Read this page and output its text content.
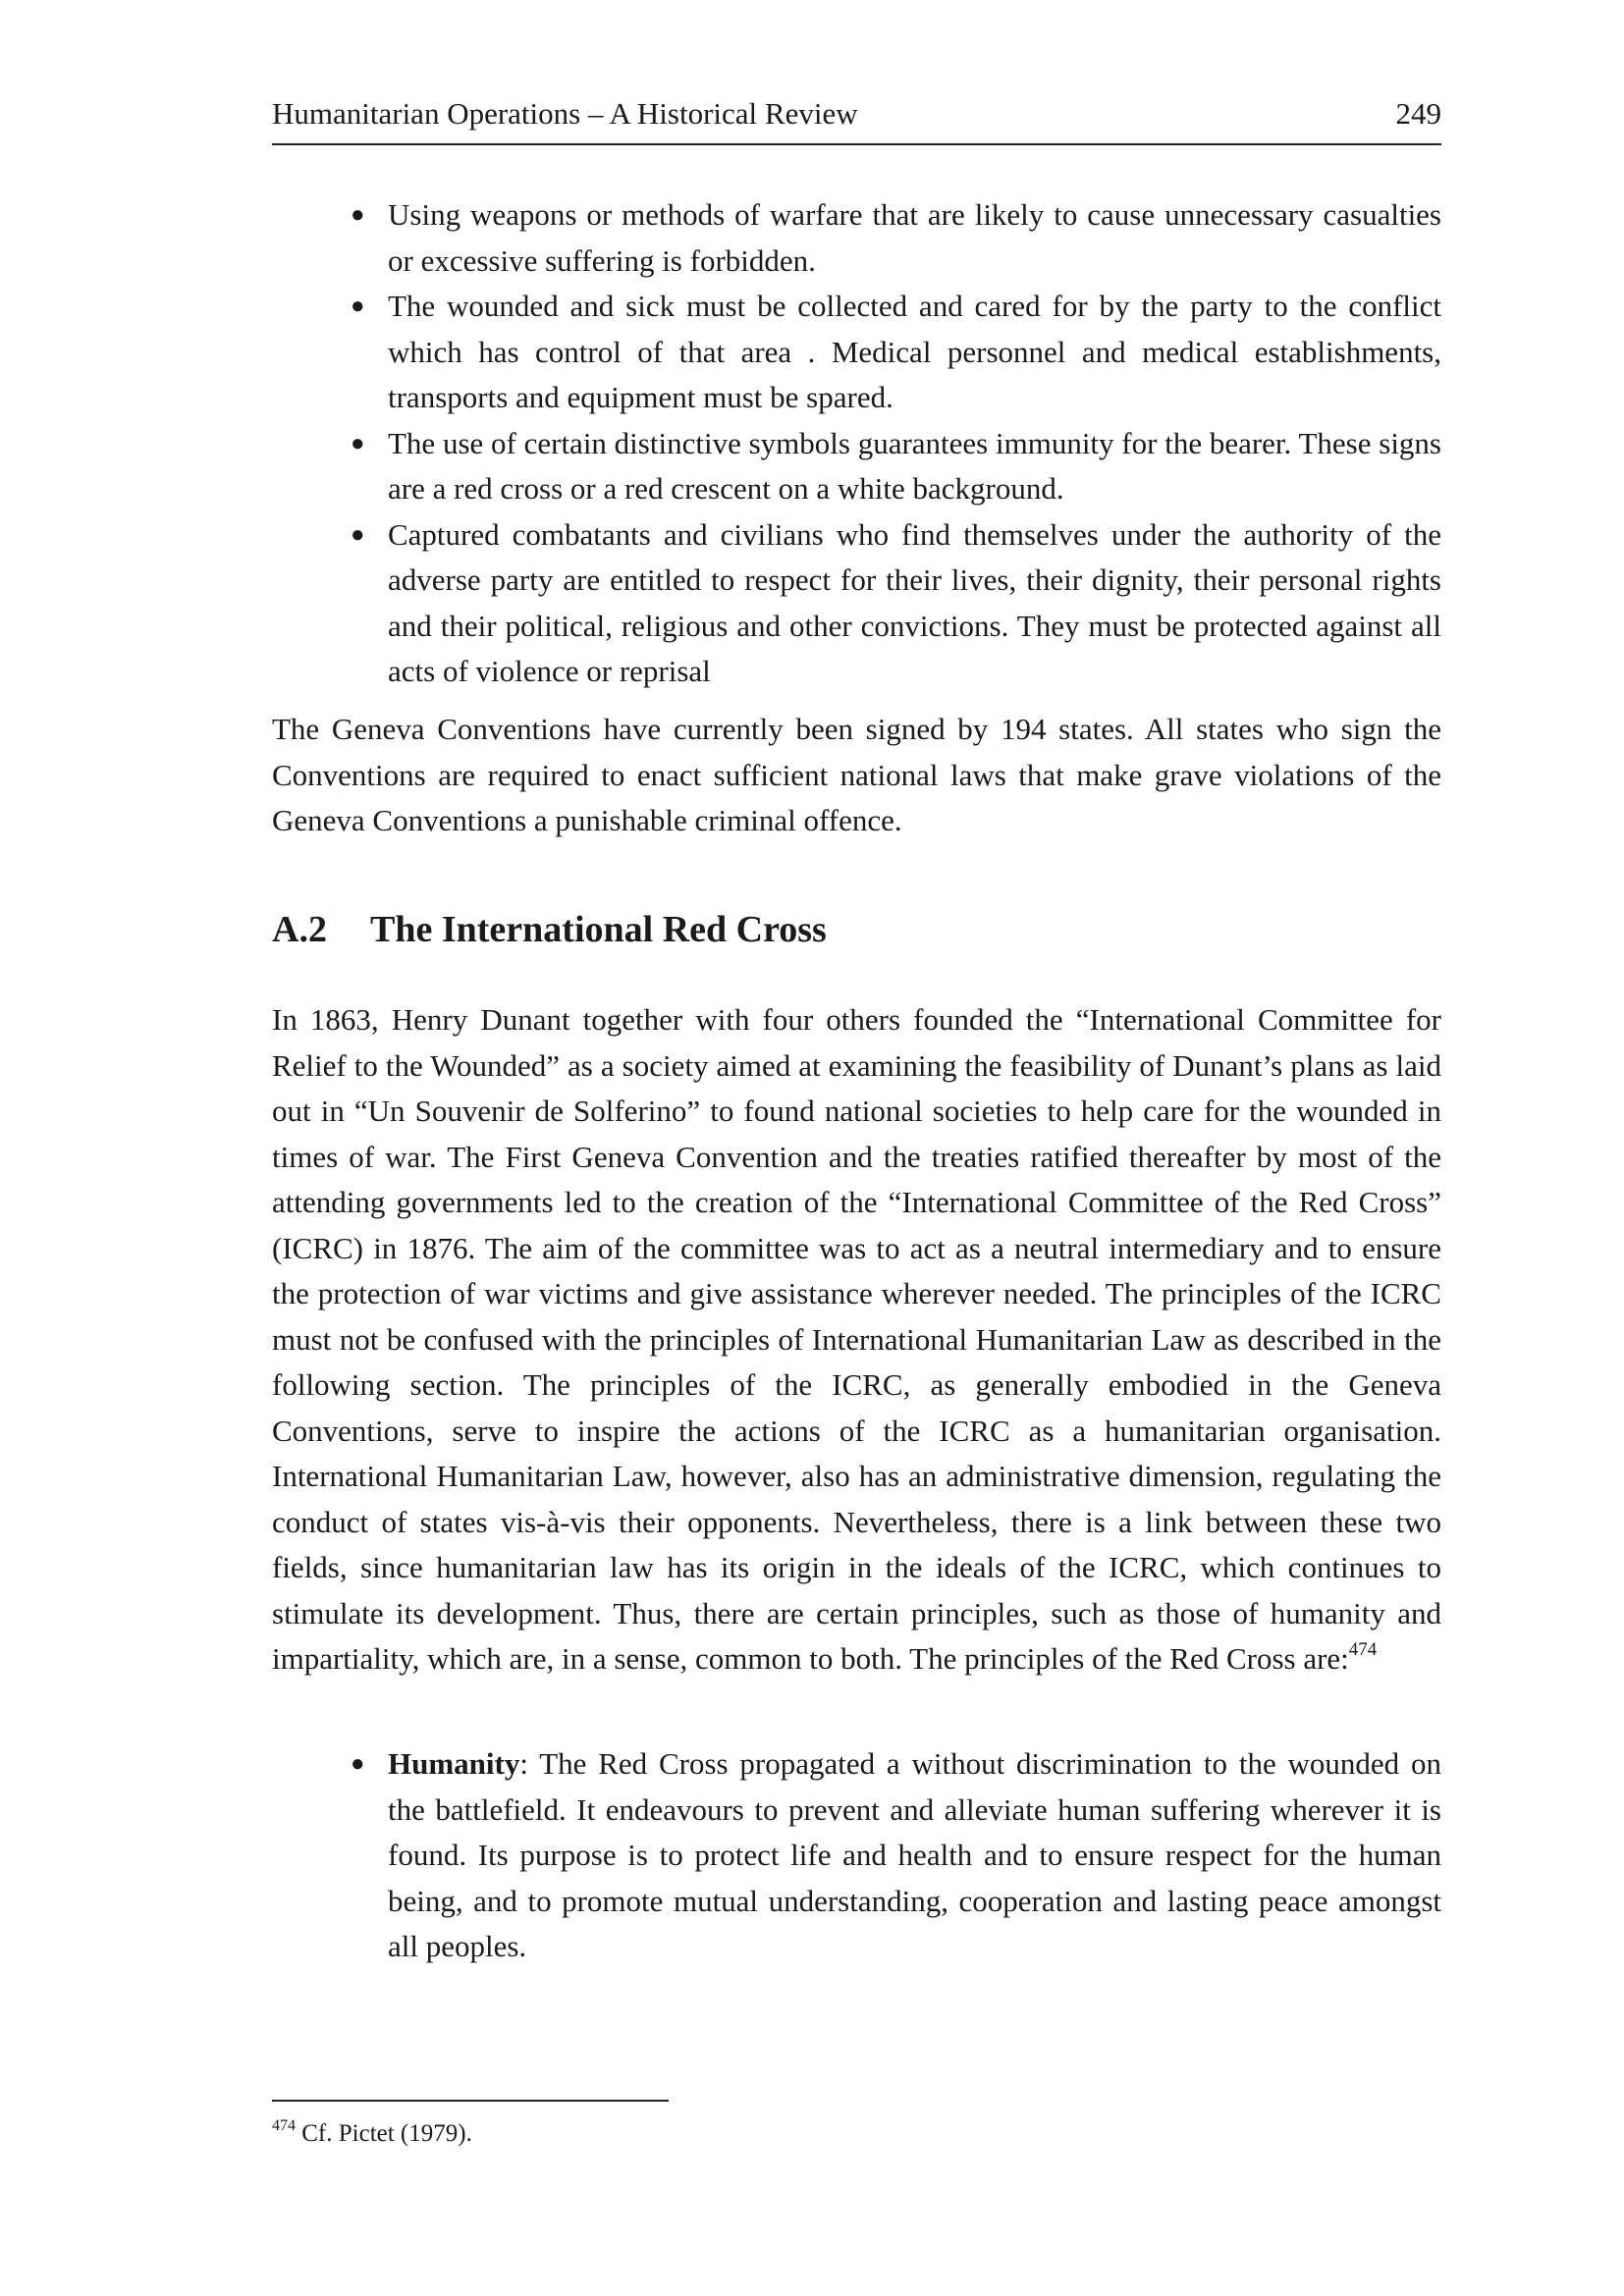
Humanitarian Operations – A Historical Review	249
● Using weapons or methods of warfare that are likely to cause unnecessary casualties or excessive suffering is forbidden.
● The wounded and sick must be collected and cared for by the party to the conflict which has control of that area . Medical personnel and medical establishments, transports and equipment must be spared.
● The use of certain distinctive symbols guarantees immunity for the bearer. These signs are a red cross or a red crescent on a white background.
● Captured combatants and civilians who find themselves under the authority of the adverse party are entitled to respect for their lives, their dignity, their personal rights and their political, religious and other convictions. They must be protected against all acts of violence or reprisal
The Geneva Conventions have currently been signed by 194 states. All states who sign the Conventions are required to enact sufficient national laws that make grave violations of the Geneva Conventions a punishable criminal offence.
A.2 The International Red Cross
In 1863, Henry Dunant together with four others founded the “International Committee for Relief to the Wounded” as a society aimed at examining the feasibility of Dunant’s plans as laid out in “Un Souvenir de Solferino” to found national societies to help care for the wounded in times of war. The First Geneva Convention and the treaties ratified thereafter by most of the attending governments led to the creation of the “International Committee of the Red Cross” (ICRC) in 1876. The aim of the committee was to act as a neutral intermediary and to ensure the protection of war victims and give assistance wherever needed. The principles of the ICRC must not be confused with the principles of International Humanitarian Law as described in the following section. The principles of the ICRC, as generally embodied in the Geneva Conventions, serve to inspire the actions of the ICRC as a humanitarian organisation. International Humanitarian Law, however, also has an administrative dimension, regulating the conduct of states vis-à-vis their opponents. Nevertheless, there is a link between these two fields, since humanitarian law has its origin in the ideals of the ICRC, which continues to stimulate its development. Thus, there are certain principles, such as those of humanity and impartiality, which are, in a sense, common to both. The principles of the Red Cross are:$^{474}$
● Humanity: The Red Cross propagated a without discrimination to the wounded on the battlefield. It endeavours to prevent and alleviate human suffering wherever it is found. Its purpose is to protect life and health and to ensure respect for the human being, and to promote mutual understanding, cooperation and lasting peace amongst all peoples.
$^{474}$ Cf. Pictet (1979).
